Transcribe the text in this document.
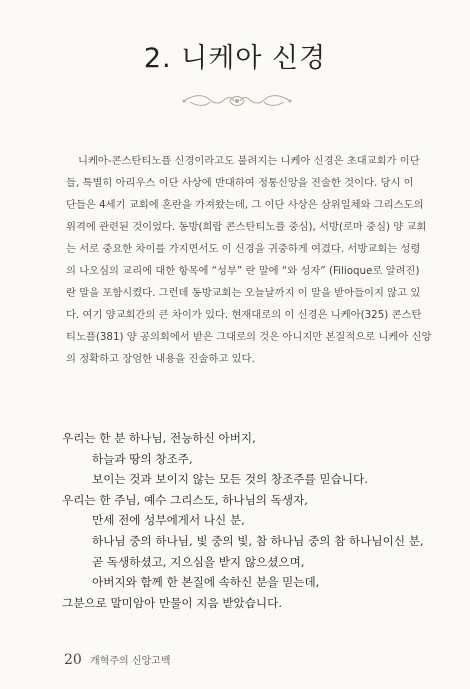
2. 니케아 신경

니케아-콘스탄티노플 신경이라고도 불려지는 니케아 신경은 초대교회가 이단

들, 특별히 아리우스 이단 사상에 반대하여 정통신앙을 진술한 것이다. 당시 이
단들은 4세기 교회에 혼란을 가져왔는데, 그 이단 사상은 삼위일체와 그리스도의
위격에 관련된 것이었다. 동방(희랍 콘스탄티노플 중심), 서방(로마 중심) 양 교회
는 서로 중요한 차이를 가지면서도 이 신경을 귀중하게 여겼다. 서방교회는 성령
의 나오심의 교리에 대한 항목에 “성부” 란 말에 “와 성자” (Filioque로 알려진)
란 말을 포함시켰다. 그런데 동방교회는 오늘날까지 이 말을 받아들이지 않고 있
다. 여기 양교회간의 큰 차이가 있다. 현재대로의 이 신경은 니케아(325) 콘스탄
티노플(381) 양 공의회에서 받은 그대로의 것은 아니지만 본질적으로 니케아 신앙
의 정확하고 장엄한 내용을 진술하고 있다.
우리는 한 분 하나님, 전능하신 아버지,
하늘과 땅의 창조주,
보이는 것과 보이지 않는 모든 것의 창조주를 믿습니다.
우리는 한 주님, 예수 그리스도, 하나님의 독생자,
만세 전에 성부에게서 나신 분,
하나님 중의 하나님, 빛 중의 빛, 참 하나님 중의 참 하나님이신 분,
곧 독생하셨고, 지으심을 받지 않으셨으며,
아버지와 함께 한 본질에 속하신 분을 믿는데,
그분으로 말미암아 만물이 지음 받았습니다.
20 개혁주의 신앙고백
